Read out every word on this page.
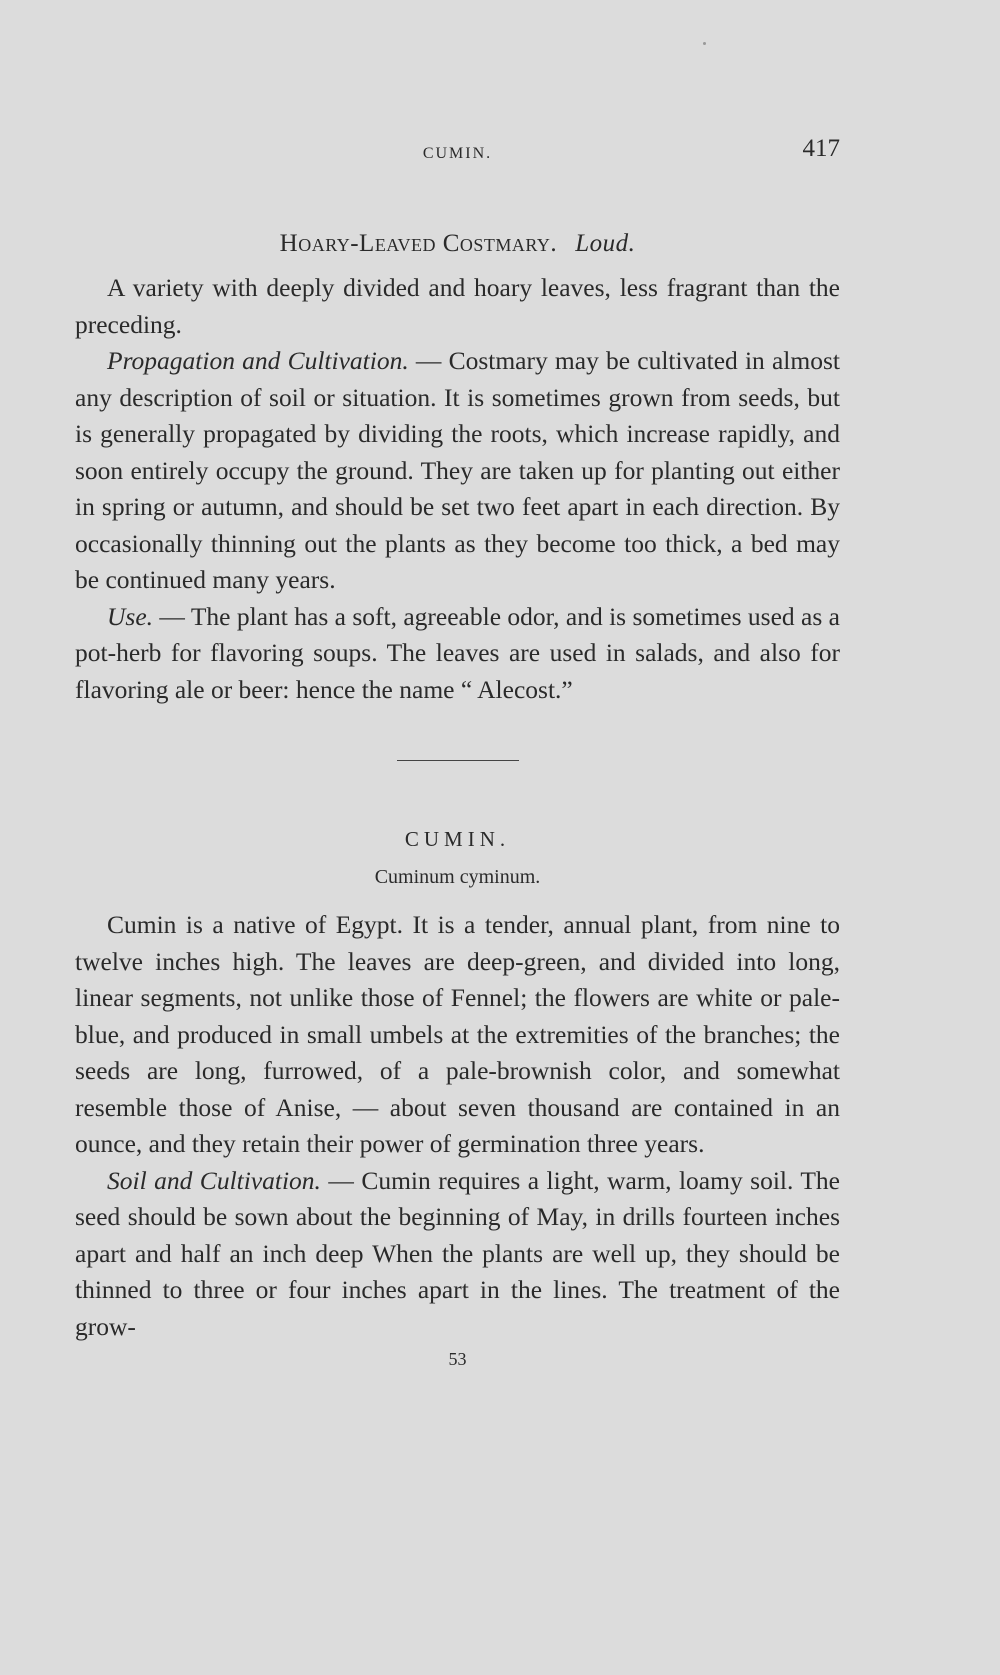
CUMIN.	417
Hoary-Leaved Costmary. Loud.

A variety with deeply divided and hoary leaves, less fragrant than the preceding.

Propagation and Cultivation. — Costmary may be cultivated in almost any description of soil or situation. It is sometimes grown from seeds, but is generally propagated by dividing the roots, which increase rapidly, and soon entirely occupy the ground. They are taken up for planting out either in spring or autumn, and should be set two feet apart in each direction. By occasionally thinning out the plants as they become too thick, a bed may be continued many years.

Use. — The plant has a soft, agreeable odor, and is sometimes used as a pot-herb for flavoring soups. The leaves are used in salads, and also for flavoring ale or beer: hence the name “ Alecost.”

CUMIN.
Cuminum cyminum.

Cumin is a native of Egypt. It is a tender, annual plant, from nine to twelve inches high. The leaves are deep-green, and divided into long, linear segments, not unlike those of Fennel; the flowers are white or pale-blue, and produced in small umbels at the extremities of the branches; the seeds are long, furrowed, of a pale-brownish color, and somewhat resemble those of Anise, — about seven thousand are contained in an ounce, and they retain their power of germination three years.

Soil and Cultivation. — Cumin requires a light, warm, loamy soil. The seed should be sown about the beginning of May, in drills fourteen inches apart and half an inch deep When the plants are well up, they should be thinned to three or four inches apart in the lines. The treatment of the grow-

53
